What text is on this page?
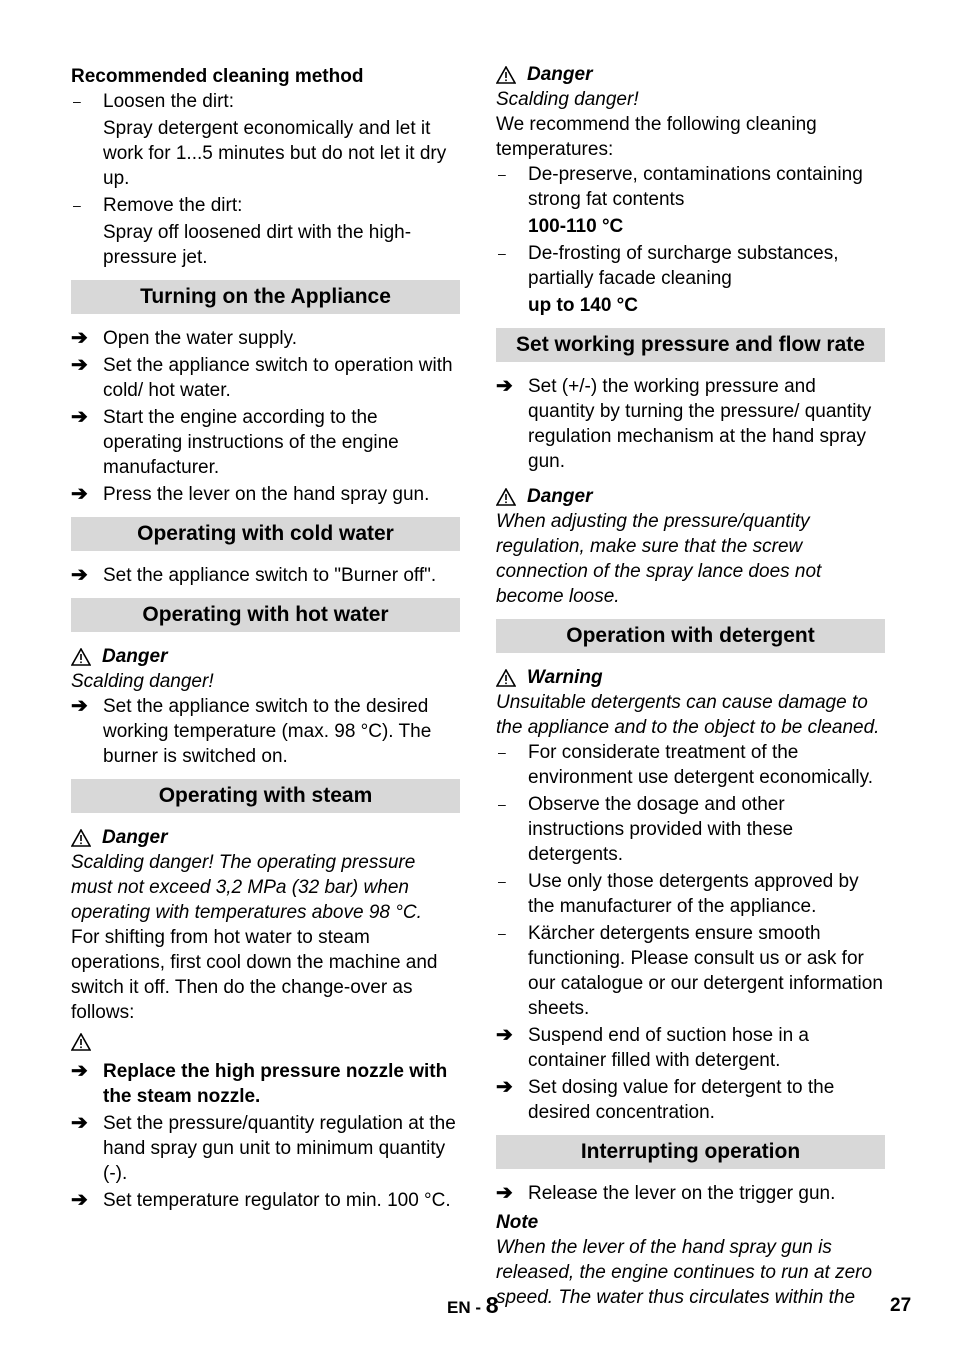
Recommended cleaning method
–	Loosen the dirt:
Spray detergent economically and let it work for 1...5 minutes but do not let it dry up.
–	Remove the dirt:
Spray off loosened dirt with the high-pressure jet.
Turning on the Appliance
➔ Open the water supply.
➔ Set the appliance switch to operation with cold/ hot water.
➔ Start the engine according to the operating instructions of the engine manufacturer.
➔ Press the lever on the hand spray gun.
Operating with cold water
➔ Set the appliance switch to "Burner off".
Operating with hot water
Danger
Scalding danger!
➔ Set the appliance switch to the desired working temperature (max. 98 °C). The burner is switched on.
Operating with steam
Danger
Scalding danger! The operating pressure must not exceed 3,2 MPa (32 bar) when operating with temperatures above 98 °C.
For shifting from hot water to steam operations, first cool down the machine and switch it off. Then do the change-over as follows:
➔ Replace the high pressure nozzle with the steam nozzle.
➔ Set the pressure/quantity regulation at the hand spray gun unit to minimum quantity (-).
➔ Set temperature regulator to min. 100 °C.
Danger
Scalding danger!
We recommend the following cleaning temperatures:
–	De-preserve, contaminations containing strong fat contents
100-110 °C
–	De-frosting of surcharge substances, partially facade cleaning
up to 140 °C
Set working pressure and flow rate
➔ Set (+/-) the working pressure and quantity by turning the pressure/ quantity regulation mechanism at the hand spray gun.
Danger
When adjusting the pressure/quantity regulation, make sure that the screw connection of the spray lance does not become loose.
Operation with detergent
Warning
Unsuitable detergents can cause damage to the appliance and to the object to be cleaned.
–	For considerate treatment of the environment use detergent economically.
–	Observe the dosage and other instructions provided with these detergents.
–	Use only those detergents approved by the manufacturer of the appliance.
–	Kärcher detergents ensure smooth functioning. Please consult us or ask for our catalogue or our detergent information sheets.
➔ Suspend end of suction hose in a container filled with detergent.
➔ Set dosing value for detergent to the desired concentration.
Interrupting operation
➔ Release the lever on the trigger gun.
Note
When the lever of the hand spray gun is released, the engine continues to run at zero speed. The water thus circulates within the
EN - 8	27
